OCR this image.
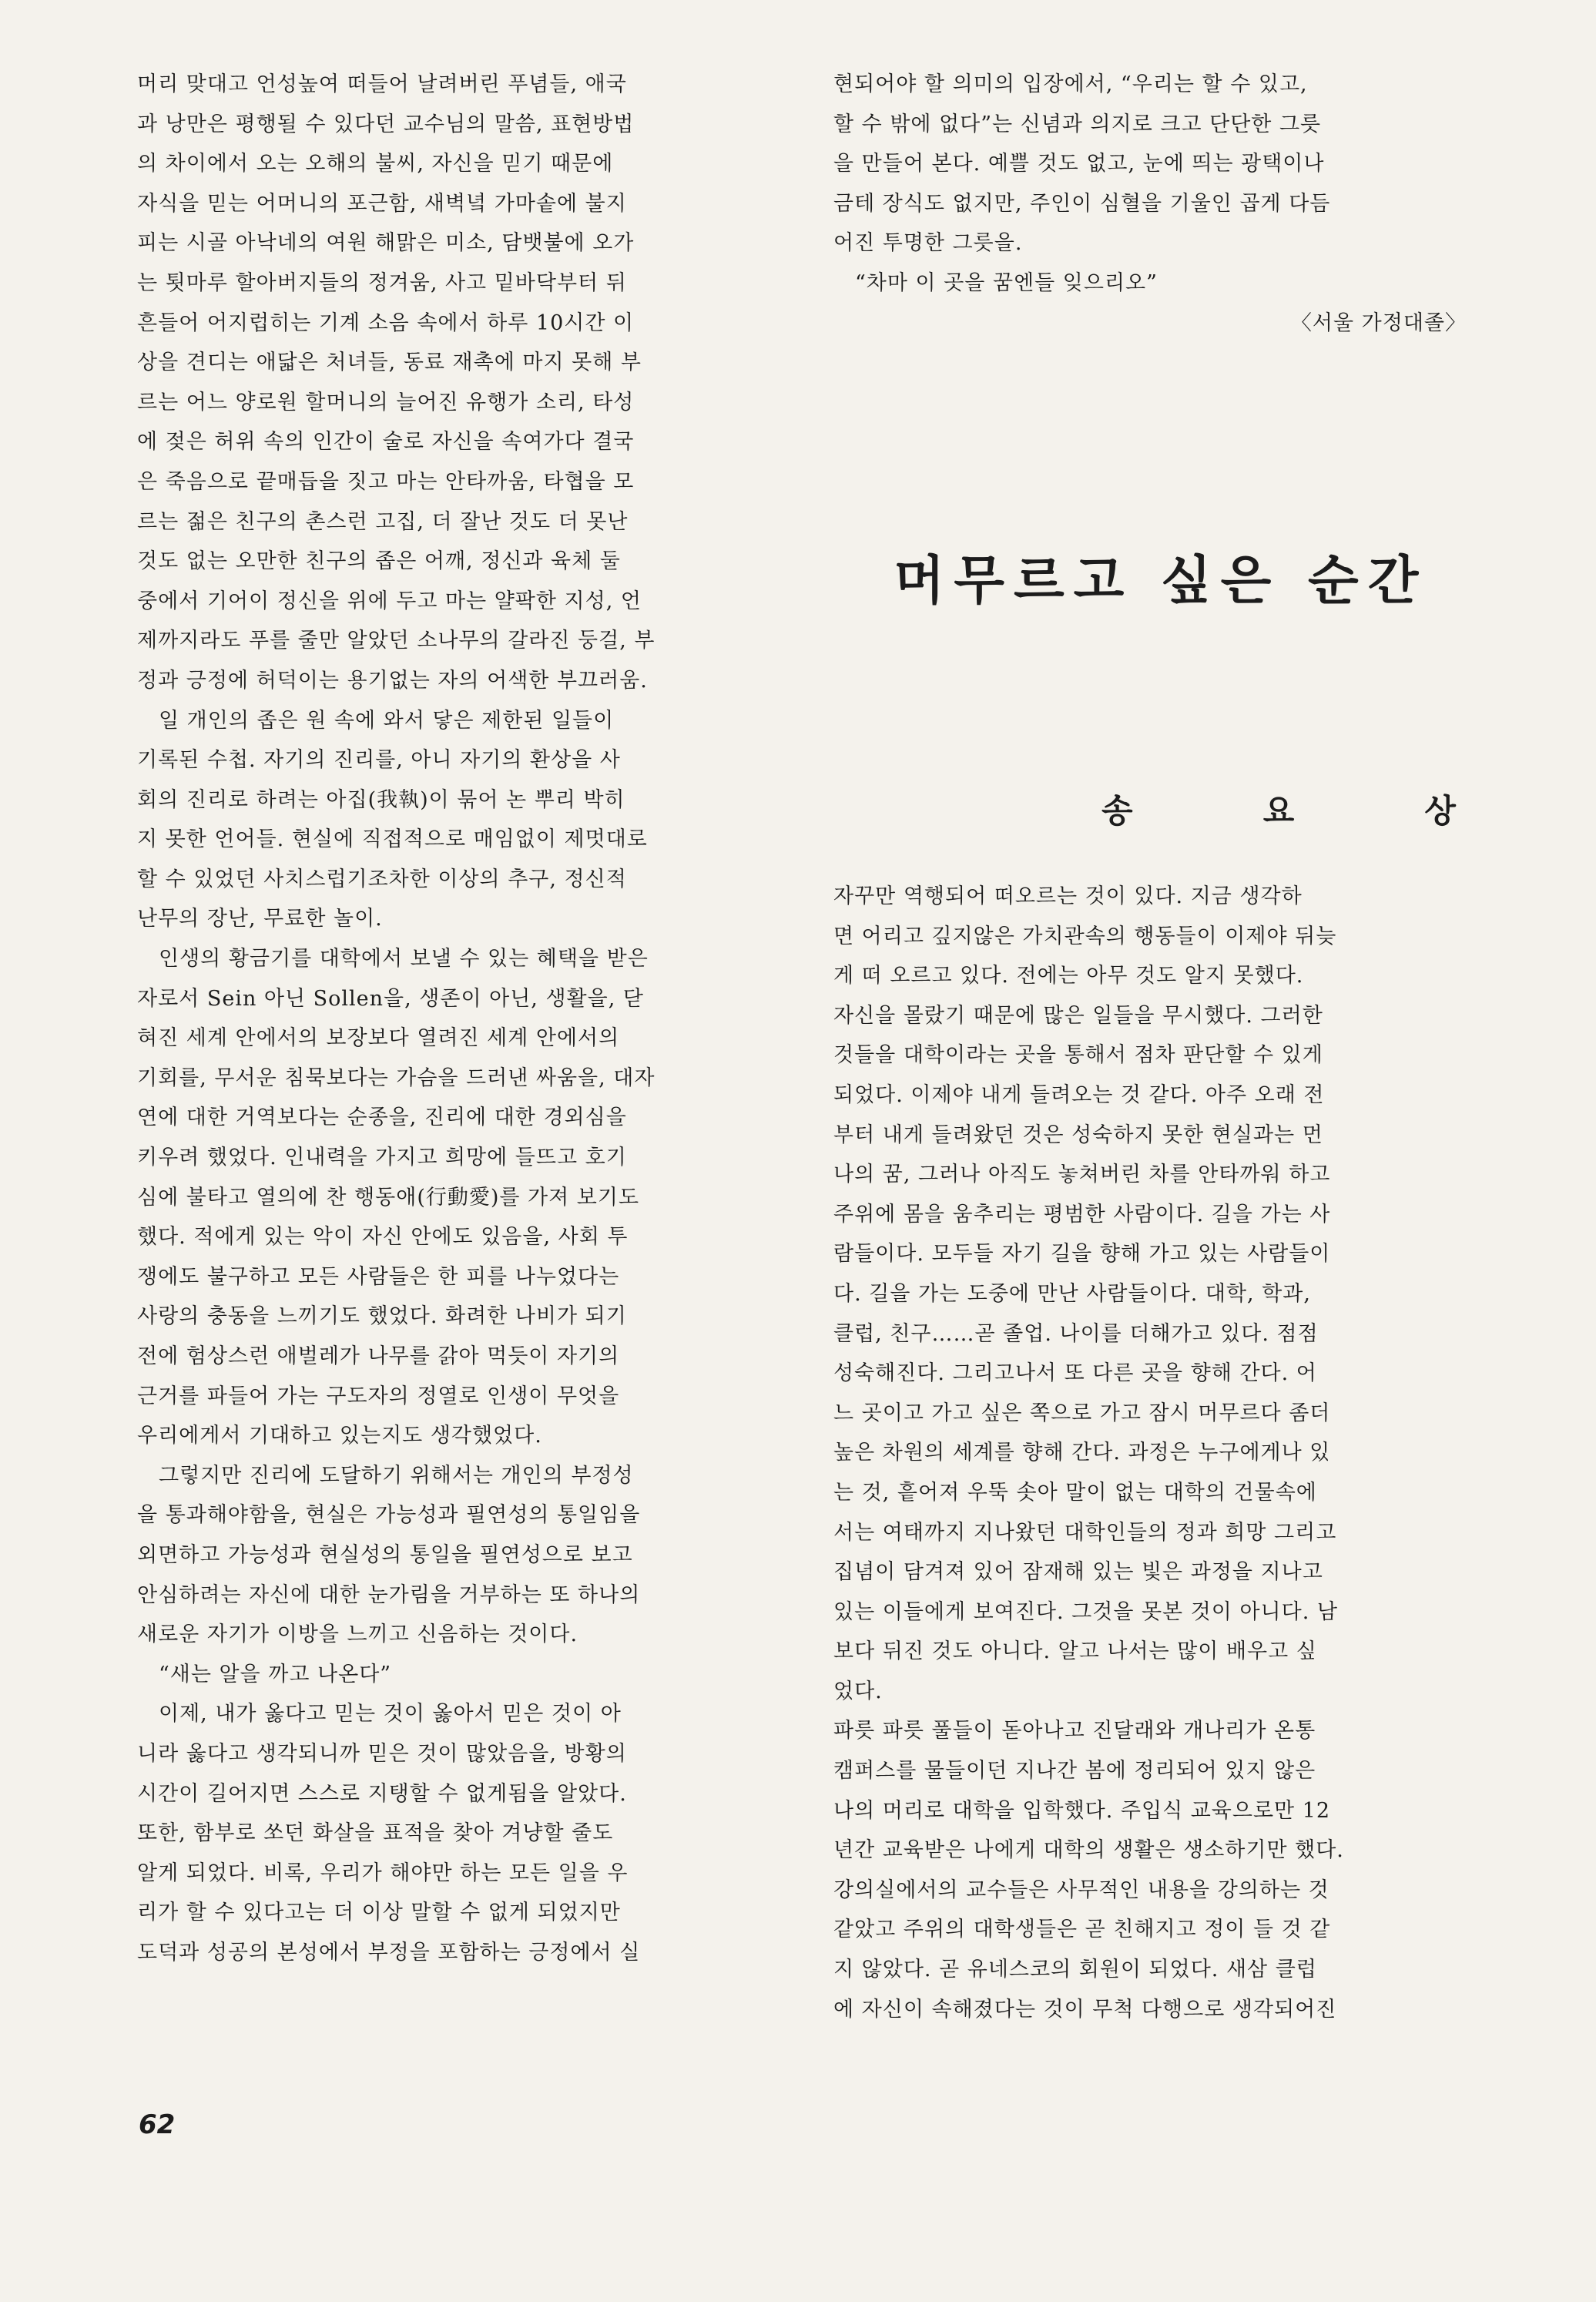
머리 맞대고 언성높여 떠들어 날려버린 푸념들, 애국
과 낭만은 평행될 수 있다던 교수님의 말씀, 표현방법
의 차이에서 오는 오해의 불씨, 자신을 믿기 때문에
자식을 믿는 어머니의 포근함, 새벽녘 가마솥에 불지
피는 시골 아낙네의 여원 해맑은 미소, 담뱃불에 오가
는 툇마루 할아버지들의 정겨움, 사고 밑바닥부터 뒤
흔들어 어지럽히는 기계 소음 속에서 하루 10시간 이
상을 견디는 애닯은 처녀들, 동료 재촉에 마지 못해 부
르는 어느 양로원 할머니의 늘어진 유행가 소리, 타성
에 젖은 허위 속의 인간이 술로 자신을 속여가다 결국
은 죽음으로 끝매듭을 짓고 마는 안타까움, 타협을 모
르는 젊은 친구의 촌스런 고집, 더 잘난 것도 더 못난
것도 없는 오만한 친구의 좁은 어깨, 정신과 육체 둘
중에서 기어이 정신을 위에 두고 마는 얄팍한 지성, 언
제까지라도 푸를 줄만 알았던 소나무의 갈라진 둥걸, 부
정과 긍정에 허덕이는 용기없는 자의 어색한 부끄러움.
일 개인의 좁은 원 속에 와서 닿은 제한된 일들이
기록된 수첩. 자기의 진리를, 아니 자기의 환상을 사
회의 진리로 하려는 아집(我執)이 묶어 논 뿌리 박히
지 못한 언어들. 현실에 직접적으로 매임없이 제멋대로
할 수 있었던 사치스럽기조차한 이상의 추구, 정신적
난무의 장난, 무료한 놀이.
인생의 황금기를 대학에서 보낼 수 있는 혜택을 받은
자로서 Sein 아닌 Sollen을, 생존이 아닌, 생활을, 닫
혀진 세계 안에서의 보장보다 열려진 세계 안에서의
기회를, 무서운 침묵보다는 가슴을 드러낸 싸움을, 대자
연에 대한 거역보다는 순종을, 진리에 대한 경외심을
키우려 했었다. 인내력을 가지고 희망에 들뜨고 호기
심에 불타고 열의에 찬 행동애(行動愛)를 가져 보기도
했다. 적에게 있는 악이 자신 안에도 있음을, 사회 투
쟁에도 불구하고 모든 사람들은 한 피를 나누었다는
사랑의 충동을 느끼기도 했었다. 화려한 나비가 되기
전에 험상스런 애벌레가 나무를 갉아 먹듯이 자기의
근거를 파들어 가는 구도자의 정열로 인생이 무엇을
우리에게서 기대하고 있는지도 생각했었다.
그렇지만 진리에 도달하기 위해서는 개인의 부정성
을 통과해야함을, 현실은 가능성과 필연성의 통일임을
외면하고 가능성과 현실성의 통일을 필연성으로 보고
안심하려는 자신에 대한 눈가림을 거부하는 또 하나의
새로운 자기가 이방을 느끼고 신음하는 것이다.
“새는 알을 까고 나온다”
이제, 내가 옳다고 믿는 것이 옳아서 믿은 것이 아
니라 옳다고 생각되니까 믿은 것이 많았음을, 방황의
시간이 길어지면 스스로 지탱할 수 없게됨을 알았다.
또한, 함부로 쏘던 화살을 표적을 찾아 겨냥할 줄도
알게 되었다. 비록, 우리가 해야만 하는 모든 일을 우
리가 할 수 있다고는 더 이상 말할 수 없게 되었지만
도덕과 성공의 본성에서 부정을 포함하는 긍정에서 실
현되어야 할 의미의 입장에서, “우리는 할 수 있고,
할 수 밖에 없다”는 신념과 의지로 크고 단단한 그릇
을 만들어 본다. 예쁠 것도 없고, 눈에 띄는 광택이나
금테 장식도 없지만, 주인이 심혈을 기울인 곱게 다듬
어진 투명한 그릇을.
“차마 이 곳을 꿈엔들 잊으리오”
〈서울 가정대졸〉
머무르고 싶은 순간
송	요	상
자꾸만 역행되어 떠오르는 것이 있다. 지금 생각하
면 어리고 깊지않은 가치관속의 행동들이 이제야 뒤늦
게 떠 오르고 있다. 전에는 아무 것도 알지 못했다.
자신을 몰랐기 때문에 많은 일들을 무시했다. 그러한
것들을 대학이라는 곳을 통해서 점차 판단할 수 있게
되었다. 이제야 내게 들려오는 것 같다. 아주 오래 전
부터 내게 들려왔던 것은 성숙하지 못한 현실과는 먼
나의 꿈, 그러나 아직도 놓쳐버린 차를 안타까워 하고
주위에 몸을 움추리는 평범한 사람이다. 길을 가는 사
람들이다. 모두들 자기 길을 향해 가고 있는 사람들이
다. 길을 가는 도중에 만난 사람들이다. 대학, 학과,
클럽, 친구……곧 졸업. 나이를 더해가고 있다. 점점
성숙해진다. 그리고나서 또 다른 곳을 향해 간다. 어
느 곳이고 가고 싶은 쪽으로 가고 잠시 머무르다 좀더
높은 차원의 세계를 향해 간다. 과정은 누구에게나 있
는 것, 흩어져 우뚝 솟아 말이 없는 대학의 건물속에
서는 여태까지 지나왔던 대학인들의 정과 희망 그리고
집념이 담겨져 있어 잠재해 있는 빛은 과정을 지나고
있는 이들에게 보여진다. 그것을 못본 것이 아니다. 남
보다 뒤진 것도 아니다. 알고 나서는 많이 배우고 싶
었다.
파릇 파릇 풀들이 돋아나고 진달래와 개나리가 온통
캠퍼스를 물들이던 지나간 봄에 정리되어 있지 않은
나의 머리로 대학을 입학했다. 주입식 교육으로만 12
년간 교육받은 나에게 대학의 생활은 생소하기만 했다.
강의실에서의 교수들은 사무적인 내용을 강의하는 것
같았고 주위의 대학생들은 곧 친해지고 정이 들 것 같
지 않았다. 곧 유네스코의 회원이 되었다. 새삼 클럽
에 자신이 속해졌다는 것이 무척 다행으로 생각되어진
62
